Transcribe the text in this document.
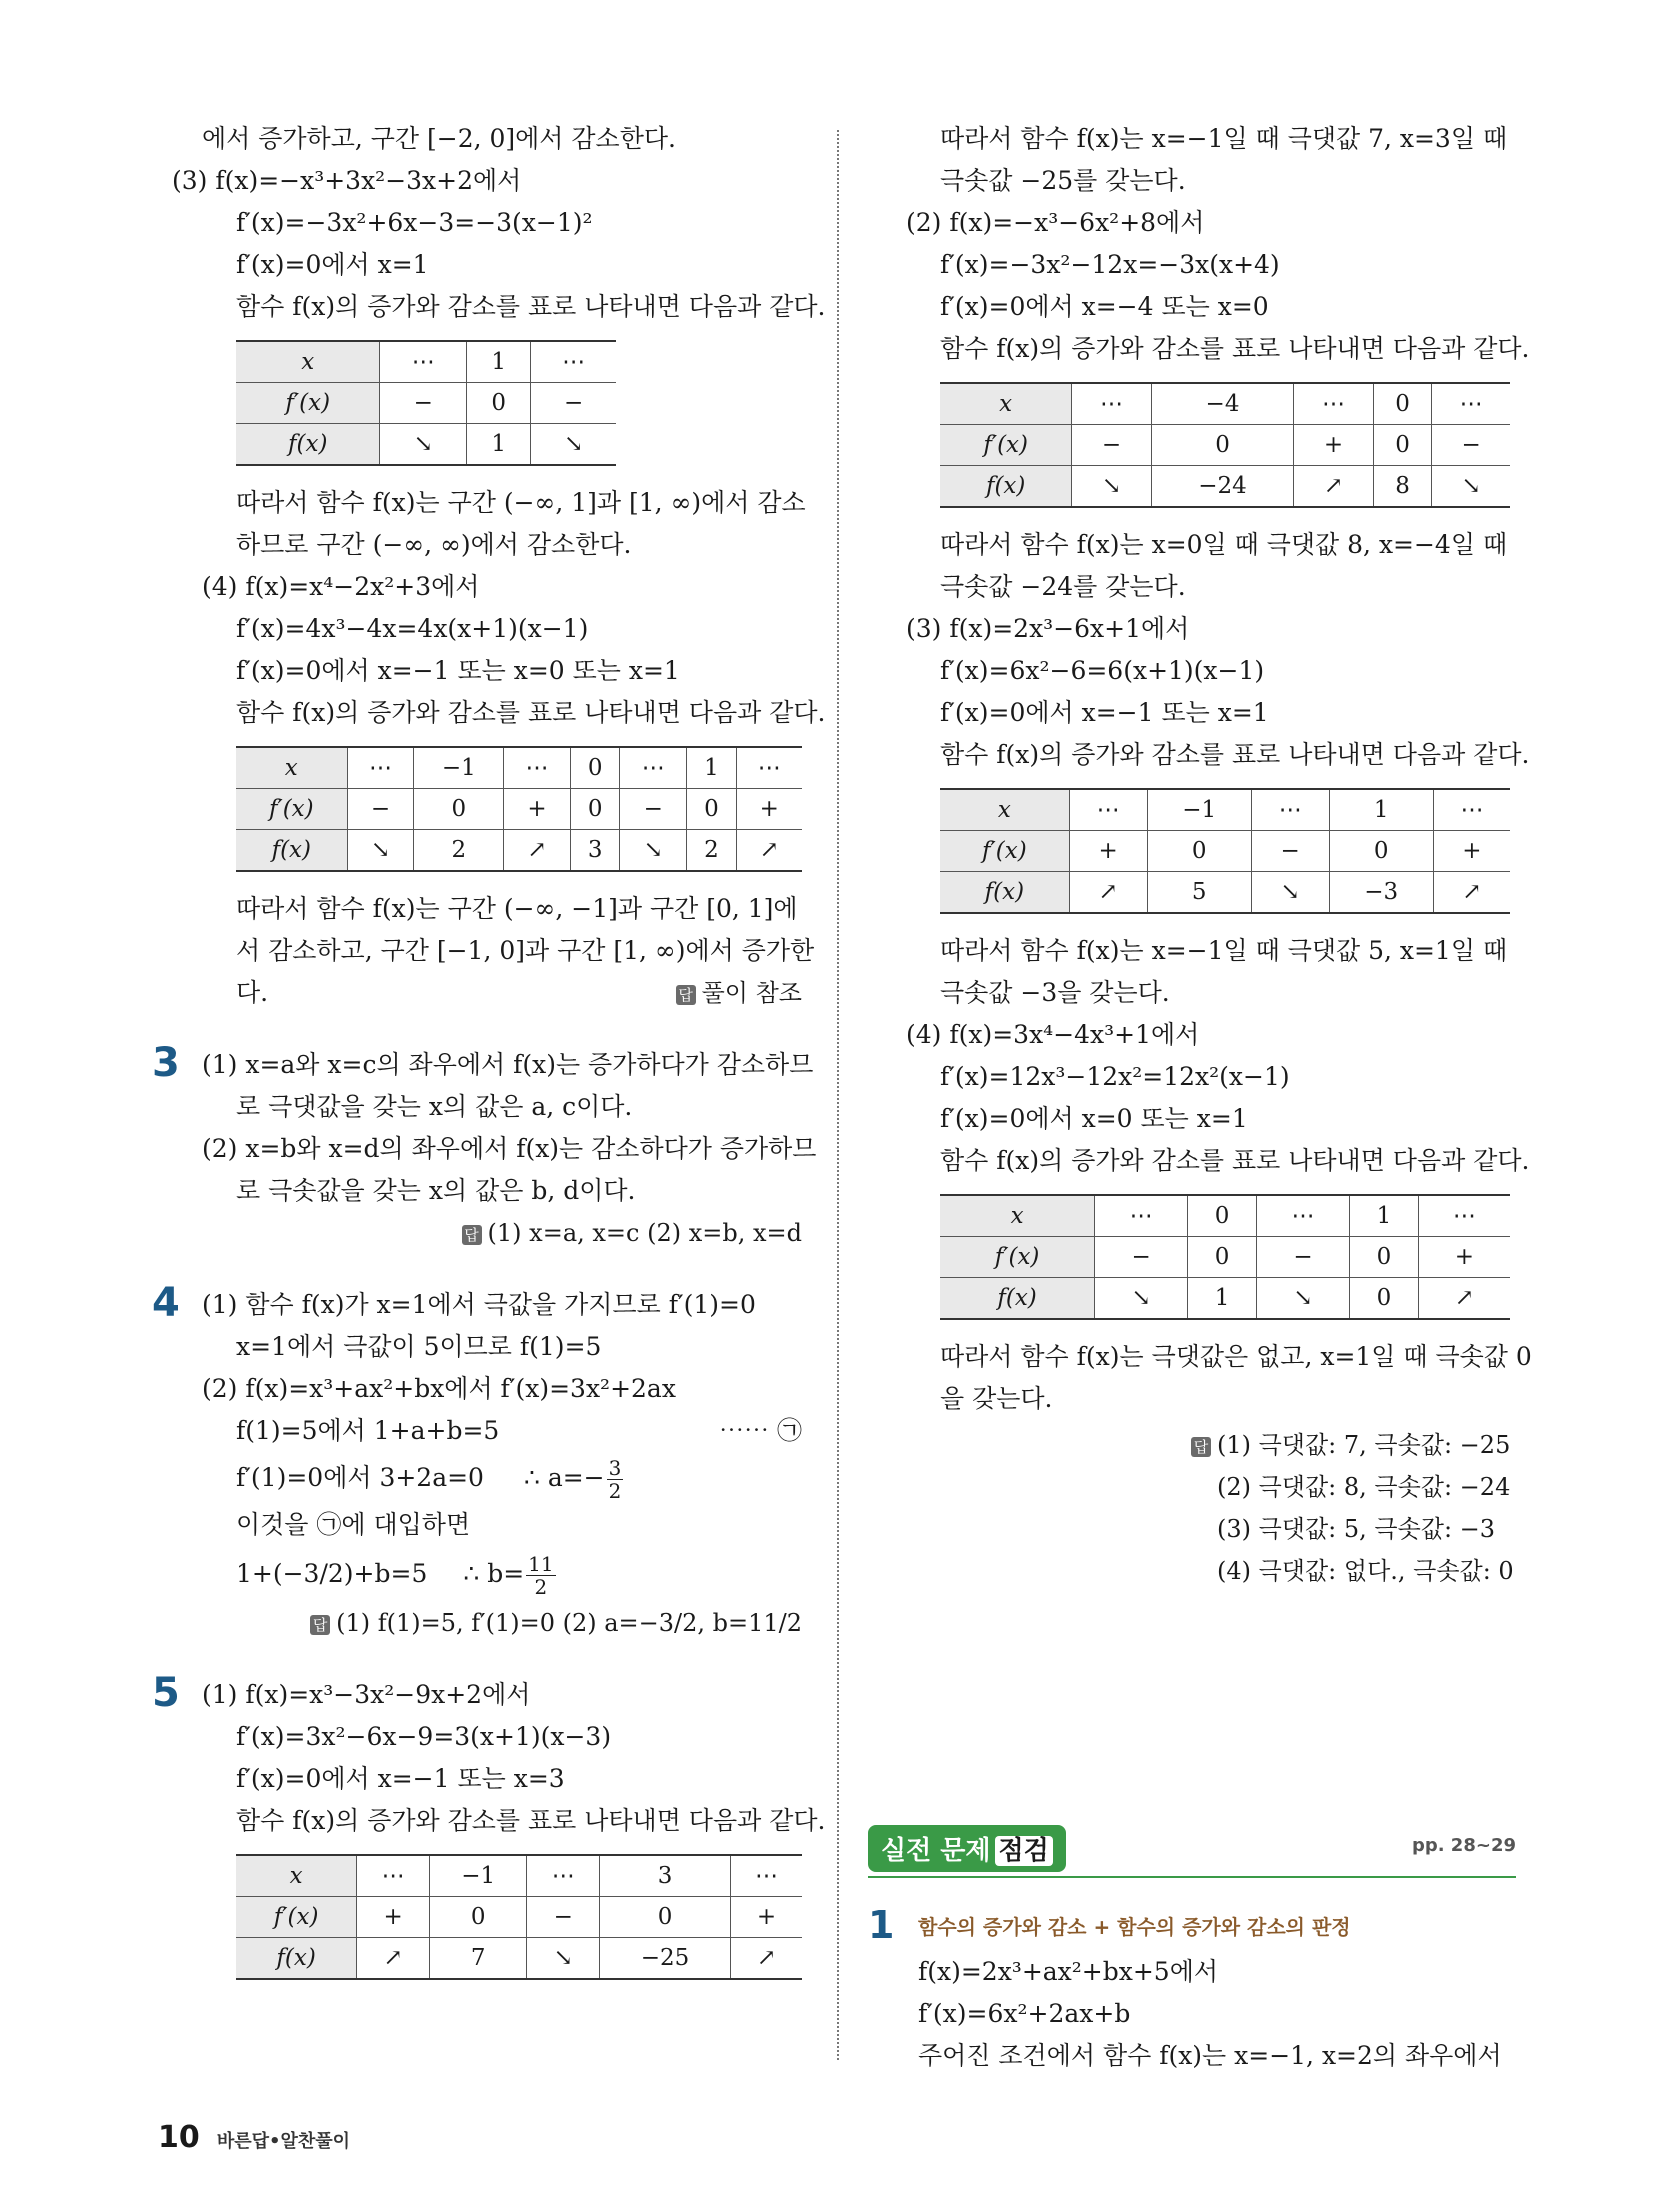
에서 증가하고, 구간 [−2, 0]에서 감소한다.
(3) f(x)=−x³+3x²−3x+2에서
f′(x)=−3x²+6x−3=−3(x−1)²
f′(x)=0에서 x=1
함수 f(x)의 증가와 감소를 표로 나타내면 다음과 같다.
x	⋯	1	⋯
f′(x)	−	0	−
f(x)	↘	1	↘
따라서 함수 f(x)는 구간 (−∞, 1]과 [1, ∞)에서 감소
하므로 구간 (−∞, ∞)에서 감소한다.
(4) f(x)=x⁴−2x²+3에서
f′(x)=4x³−4x=4x(x+1)(x−1)
f′(x)=0에서 x=−1 또는 x=0 또는 x=1
함수 f(x)의 증가와 감소를 표로 나타내면 다음과 같다.
x	⋯	−1	⋯	0	⋯	1	⋯
f′(x)	−	0	+	0	−	0	+
f(x)	↘	2	↗	3	↘	2	↗
따라서 함수 f(x)는 구간 (−∞, −1]과 구간 [0, 1]에
서 감소하고, 구간 [−1, 0]과 구간 [1, ∞)에서 증가한
다.	답 풀이 참조
3 (1) x=a와 x=c의 좌우에서 f(x)는 증가하다가 감소하므
로 극댓값을 갖는 x의 값은 a, c이다.
(2) x=b와 x=d의 좌우에서 f(x)는 감소하다가 증가하므
로 극솟값을 갖는 x의 값은 b, d이다.
답 (1) x=a, x=c (2) x=b, x=d
4 (1) 함수 f(x)가 x=1에서 극값을 가지므로 f′(1)=0
x=1에서 극값이 5이므로 f(1)=5
(2) f(x)=x³+ax²+bx에서 f′(x)=3x²+2ax
f(1)=5에서 1+a+b=5	⋯⋯ ㉠
f′(1)=0에서 3+2a=0 ∴ $a=- \frac{3}{2}$
이것을 ㉠에 대입하면
1+(−3/2)+b=5 ∴ $b= \frac{11}{2}$
답 (1) f(1)=5, f′(1)=0 (2) a=−3/2, b=11/2
5 (1) f(x)=x³−3x²−9x+2에서
f′(x)=3x²−6x−9=3(x+1)(x−3)
f′(x)=0에서 x=−1 또는 x=3
함수 f(x)의 증가와 감소를 표로 나타내면 다음과 같다.
x	⋯	−1	⋯	3	⋯
f′(x)	+	0	−	0	+
f(x)	↗	7	↘	−25	↗
따라서 함수 f(x)는 x=−1일 때 극댓값 7, x=3일 때
극솟값 −25를 갖는다.
(2) f(x)=−x³−6x²+8에서
f′(x)=−3x²−12x=−3x(x+4)
f′(x)=0에서 x=−4 또는 x=0
함수 f(x)의 증가와 감소를 표로 나타내면 다음과 같다.
x	⋯	−4	⋯	0	⋯
f′(x)	−	0	+	0	−
f(x)	↘	−24	↗	8	↘
따라서 함수 f(x)는 x=0일 때 극댓값 8, x=−4일 때
극솟값 −24를 갖는다.
(3) f(x)=2x³−6x+1에서
f′(x)=6x²−6=6(x+1)(x−1)
f′(x)=0에서 x=−1 또는 x=1
함수 f(x)의 증가와 감소를 표로 나타내면 다음과 같다.
x	⋯	−1	⋯	1	⋯
f′(x)	+	0	−	0	+
f(x)	↗	5	↘	−3	↗
따라서 함수 f(x)는 x=−1일 때 극댓값 5, x=1일 때
극솟값 −3을 갖는다.
(4) f(x)=3x⁴−4x³+1에서
f′(x)=12x³−12x²=12x²(x−1)
f′(x)=0에서 x=0 또는 x=1
함수 f(x)의 증가와 감소를 표로 나타내면 다음과 같다.
x	⋯	0	⋯	1	⋯
f′(x)	−	0	−	0	+
f(x)	↘	1	↘	0	↗
따라서 함수 f(x)는 극댓값은 없고, x=1일 때 극솟값 0
을 갖는다.
답 (1) 극댓값: 7, 극솟값: −25
(2) 극댓값: 8, 극솟값: −24
(3) 극댓값: 5, 극솟값: −3
(4) 극댓값: 없다., 극솟값: 0
실전 문제 점검	pp. 28~29
1 함수의 증가와 감소 + 함수의 증가와 감소의 판정
f(x)=2x³+ax²+bx+5에서
f′(x)=6x²+2ax+b
주어진 조건에서 함수 f(x)는 x=−1, x=2의 좌우에서
10 바른답•알찬풀이
